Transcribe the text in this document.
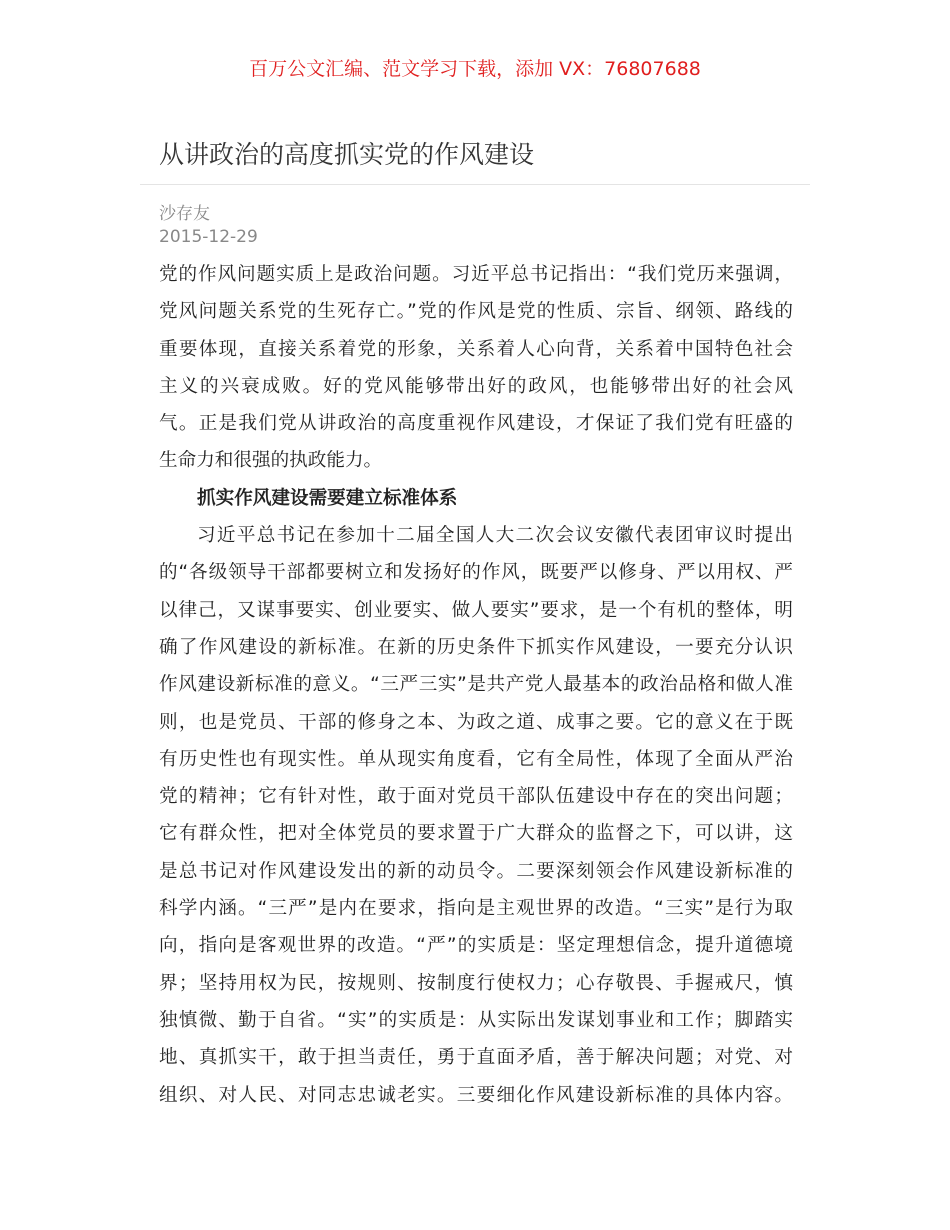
百万公文汇编、范文学习下载，添加 VX：76807688
从讲政治的高度抓实党的作风建设
沙存友
2015-12-29
党的作风问题实质上是政治问题。习近平总书记指出：“我们党历来强调，
党风问题关系党的生死存亡。”党的作风是党的性质、宗旨、纲领、路线的
重要体现，直接关系着党的形象，关系着人心向背，关系着中国特色社会
主义的兴衰成败。好的党风能够带出好的政风，也能够带出好的社会风
气。正是我们党从讲政治的高度重视作风建设，才保证了我们党有旺盛的
生命力和很强的执政能力。
抓实作风建设需要建立标准体系
习近平总书记在参加十二届全国人大二次会议安徽代表团审议时提出
的“各级领导干部都要树立和发扬好的作风，既要严以修身、严以用权、严
以律己，又谋事要实、创业要实、做人要实”要求，是一个有机的整体，明
确了作风建设的新标准。在新的历史条件下抓实作风建设，一要充分认识
作风建设新标准的意义。“三严三实”是共产党人最基本的政治品格和做人准
则，也是党员、干部的修身之本、为政之道、成事之要。它的意义在于既
有历史性也有现实性。单从现实角度看，它有全局性，体现了全面从严治
党的精神；它有针对性，敢于面对党员干部队伍建设中存在的突出问题；
它有群众性，把对全体党员的要求置于广大群众的监督之下，可以讲，这
是总书记对作风建设发出的新的动员令。二要深刻领会作风建设新标准的
科学内涵。“三严”是内在要求，指向是主观世界的改造。“三实”是行为取
向，指向是客观世界的改造。“严”的实质是：坚定理想信念，提升道德境
界；坚持用权为民，按规则、按制度行使权力；心存敬畏、手握戒尺，慎
独慎微、勤于自省。“实”的实质是：从实际出发谋划事业和工作；脚踏实
地、真抓实干，敢于担当责任，勇于直面矛盾，善于解决问题；对党、对
组织、对人民、对同志忠诚老实。三要细化作风建设新标准的具体内容。
